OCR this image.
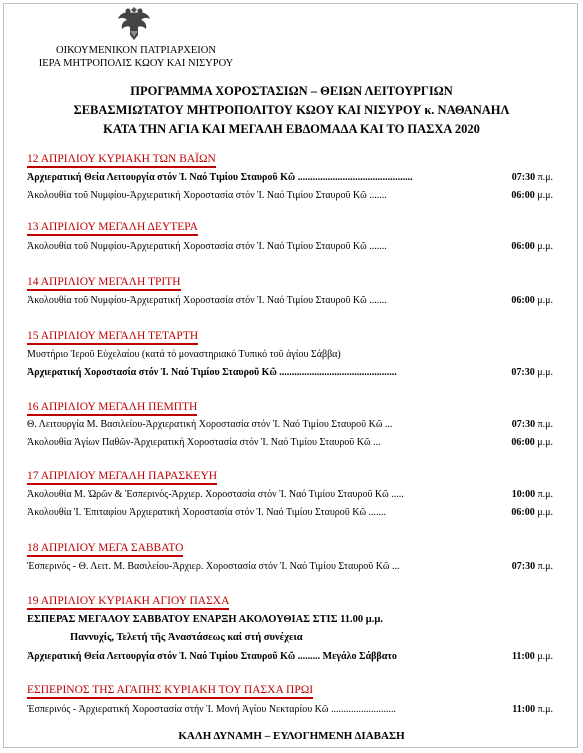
ΟΙΚΟΥΜΕΝΙΚΟΝ ΠΑΤΡΙΑΡΧΕΙΟΝ
ΙΕΡΑ ΜΗΤΡΟΠΟΛΙΣ ΚΩΟΥ ΚΑΙ ΝΙΣΥΡΟΥ
ΠΡΟΓΡΑΜΜΑ ΧΟΡΟΣΤΑΣΙΩΝ – ΘΕΙΩΝ ΛΕΙΤΟΥΡΓΙΩΝ
ΣΕΒΑΣΜΙΩΤΑΤΟΥ ΜΗΤΡΟΠΟΛΙΤΟΥ ΚΩΟΥ ΚΑΙ ΝΙΣΥΡΟΥ κ. ΝΑΘΑΝΑΗΛ
ΚΑΤΑ ΤΗΝ ΑΓΙΑ ΚΑΙ ΜΕΓΑΛΗ ΕΒΔΟΜΑΔΑ ΚΑΙ ΤΟ ΠΑΣΧΑ 2020
12 ΑΠΡΙΛΙΟΥ ΚΥΡΙΑΚΗ ΤΩΝ ΒΑΪΩΝ
Ἀρχιερατική Θεία Λειτουργία στόν Ἱ. Ναό Τιμίου Σταυροῦ Κῶ ..............................................	07:30 π.μ.
Ἀκολουθία τοῦ Νυμφίου-Ἀρχιερατική Χοροστασία στόν Ἱ. Ναό Τιμίου Σταυροῦ Κῶ .......	06:00 μ.μ.
13 ΑΠΡΙΛΙΟΥ ΜΕΓΑΛΗ ΔΕΥΤΕΡΑ
Ἀκολουθία τοῦ Νυμφίου-Ἀρχιερατική Χοροστασία στόν Ἱ. Ναό Τιμίου Σταυροῦ Κῶ .......	06:00 μ.μ.
14 ΑΠΡΙΛΙΟΥ ΜΕΓΑΛΗ ΤΡΙΤΗ
Ἀκολουθία τοῦ Νυμφίου-Ἀρχιερατική Χοροστασία στόν Ἱ. Ναό Τιμίου Σταυροῦ Κῶ .......	06:00 μ.μ.
15 ΑΠΡΙΛΙΟΥ ΜΕΓΑΛΗ ΤΕΤΑΡΤΗ
Μυστήριο Ἱεροῦ Εὐχελαίου (κατά τό μοναστηριακό Τυπικό τοῦ ἁγίου Σάββα)
Ἀρχιερατική Χοροστασία στόν Ἱ. Ναό Τιμίου Σταυροῦ Κῶ ...............................................	07:30 μ.μ.
16 ΑΠΡΙΛΙΟΥ ΜΕΓΑΛΗ ΠΕΜΠΤΗ
Θ. Λειτουργία Μ. Βασιλείου-Ἀρχιερατική Χοροστασία στόν Ἱ. Ναό Τιμίου Σταυροῦ Κῶ ...	07:30 π.μ.
Ἀκολουθία Ἁγίων Παθῶν-Ἀρχιερατική Χοροστασία στόν Ἱ. Ναό Τιμίου Σταυροῦ Κῶ ...	06:00 μ.μ.
17 ΑΠΡΙΛΙΟΥ ΜΕΓΑΛΗ ΠΑΡΑΣΚΕΥΗ
Ἀκολουθία Μ. Ὡρῶν & Ἑσπερινός-Ἀρχιερ. Χοροστασία στόν Ἱ. Ναό Τιμίου Σταυροῦ Κῶ .....	10:00 π.μ.
Ἀκολουθία Ἱ. Ἐπιταφίου Ἀρχιερατική Χοροστασία στόν Ἱ. Ναό Τιμίου Σταυροῦ Κῶ .......	06:00 μ.μ.
18 ΑΠΡΙΛΙΟΥ ΜΕΓΑ ΣΑΒΒΑΤΟ
Ἑσπερινός - Θ. Λειτ. Μ. Βασιλείου-Ἀρχιερ. Χοροστασία στόν Ἱ. Ναό Τιμίου Σταυροῦ Κῶ ...	07:30 π.μ.
19 ΑΠΡΙΛΙΟΥ ΚΥΡΙΑΚΗ ΑΓΙΟΥ ΠΑΣΧΑ
ΕΣΠΕΡΑΣ ΜΕΓΑΛΟΥ ΣΑΒΒΑΤΟΥ ΕΝΑΡΞΗ ΑΚΟΛΟΥΘΙΑΣ ΣΤΙΣ 11.00 μ.μ.
Παννυχίς, Τελετή τῆς Ἀναστάσεως καί στή συνέχεια
Ἀρχιερατική Θεία Λειτουργία στόν Ἱ. Ναό Τιμίου Σταυροῦ Κῶ ......... Μεγάλο Σάββατο	11:00 μ.μ.
ΕΣΠΕΡΙΝΟΣ ΤΗΣ ΑΓΑΠΗΣ ΚΥΡΙΑΚΗ ΤΟΥ ΠΑΣΧΑ ΠΡΩΙ
Ἑσπερινός - Ἀρχιερατική Χοροστασία στήν Ἱ. Μονή Ἁγίου Νεκταρίου Κῶ ..........................	11:00 π.μ.
ΚΑΛΗ ΔΥΝΑΜΗ – ΕΥΛΟΓΗΜΕΝΗ ΔΙΑΒΑΣΗ
